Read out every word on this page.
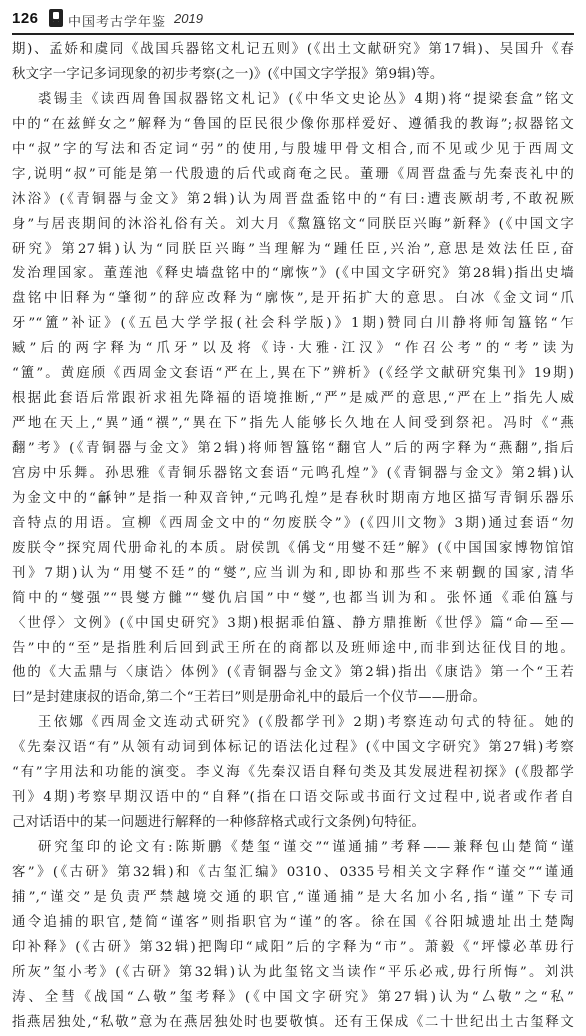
126 中国考古学年鉴 2019
期)、孟娇和虞同《战国兵器铭文札记五则》(《出土文献研究》第17辑)、吴国升《春
秋文字一字记多词现象的初步考察(之一)》(《中国文字学报》第9辑)等。
裘锡圭《读西周鲁国叔器铭文札记》(《中华文史论丛》4期)将“提梁套盒”铭文
中的“在兹鲜女之”解释为“鲁国的臣民很少像你那样爱好、遵循我的教诲”;叔器铭文
中“叔”字的写法和否定词“弜”的使用,与殷墟甲骨文相合,而不见或少见于西周文
字,说明“叔”可能是第一代殷遗的后代或商奄之民。董珊《周晋盘盉与先秦丧礼中的
沐浴》(《青铜器与金文》第2辑)认为周晋盘盉铭中的“有曰:遭丧厥胡考,不敢祝厥
身”与居丧期间的沐浴礼俗有关。刘大月《黧簋铭文“同朕臣兴晦”新释》(《中国文字
研究》第27辑)认为“同朕臣兴晦”当理解为“踵任臣,兴治”,意思是效法任臣,奋
发治理国家。董莲池《释史墙盘铭中的“廓恢”》(《中国文字研究》第28辑)指出史墙
盘铭中旧释为“肇彻”的辞应改释为“廓恢”,是开拓扩大的意思。白冰《金文词“爪
牙”“簠”补证》(《五邑大学学报(社会科学版)》1期)赞同白川静将师訇簋铭“乍
臧”后的两字释为“爪牙”以及将《诗·大雅·江汉》“作召公考”的“考”读为
“簠”。黄庭颀《西周金文套语“严在上,異在下”辨析》(《经学文献研究集刊》19期)
根据此套语后常跟祈求祖先降福的语境推断,“严”是威严的意思,“严在上”指先人威
严地在天上,“異”通“禩”,“異在下”指先人能够长久地在人间受到祭祀。冯时《“燕
翻”考》(《青铜器与金文》第2辑)将师智簋铭“翻官人”后的两字释为“燕翻”,指后
宫房中乐舞。孙思雅《青铜乐器铭文套语“元鸣孔煌”》(《青铜器与金文》第2辑)认
为金文中的“龢钟”是指一种双音钟,“元鸣孔煌”是春秋时期南方地区描写青铜乐器乐
音特点的用语。宣柳《西周金文中的“勿废朕令”》(《四川文物》3期)通过套语“勿
废朕令”探究周代册命礼的本质。尉侯凯《偁戈“用燮不廷”解》(《中国国家博物馆馆
刊》7期)认为“用燮不廷”的“燮”,应当训为和,即协和那些不来朝觐的国家,清华
简中的“燮强”“畏燮方雠”“燮仇启国”中“燮”,也都当训为和。张怀通《乖伯簋与
〈世俘〉文例》(《中国史研究》3期)根据乖伯簋、静方鼎推断《世俘》篇“命—至—
告”中的“至”是指胜利后回到武王所在的商都以及班师途中,而非到达征伐目的地。
他的《大盂鼎与〈康诰〉体例》(《青铜器与金文》第2辑)指出《康诰》第一个“王若
曰”是封建康叔的语命,第二个“王若曰”则是册命礼中的最后一个仪节——册命。
王依娜《西周金文连动式研究》(《殷都学刊》2期)考察连动句式的特征。她的
《先秦汉语“有”从领有动词到体标记的语法化过程》(《中国文字研究》第27辑)考察
“有”字用法和功能的演变。李义海《先秦汉语自释句类及其发展进程初探》(《殷都学
刊》4期)考察早期汉语中的“自释”(指在口语交际或书面行文过程中,说者或作者自
己对话语中的某一问题进行解释的一种修辞格式或行文条例)句特征。
研究玺印的论文有:陈斯鹏《楚玺“谨交”“谨通捕”考释——兼释包山楚简“谨
客”》(《古研》第32辑)和《古玺汇编》0310、0335号相关文字释作“谨交”“谨通
捕”,“谨交”是负责严禁越境交通的职官,“谨通捕”是大名加小名,指“谨”下专司
通令追捕的职官,楚简“谨客”则指职官为“谨”的客。徐在国《谷阳城遗址出土楚陶
印补释》(《古研》第32辑)把陶印“咸阳”后的字释为“市”。萧毅《“坪懞必革毋行
所灰”玺小考》(《古研》第32辑)认为此玺铭文当读作“平乐必戒,毋行所悔”。刘洪
涛、全彗《战国“厶敬”玺考释》(《中国文字研究》第27辑)认为“厶敬”之“私”
指燕居独处,“私敬”意为在燕居独处时也要敬慎。还有王保成《二十世纪出土古玺释文
